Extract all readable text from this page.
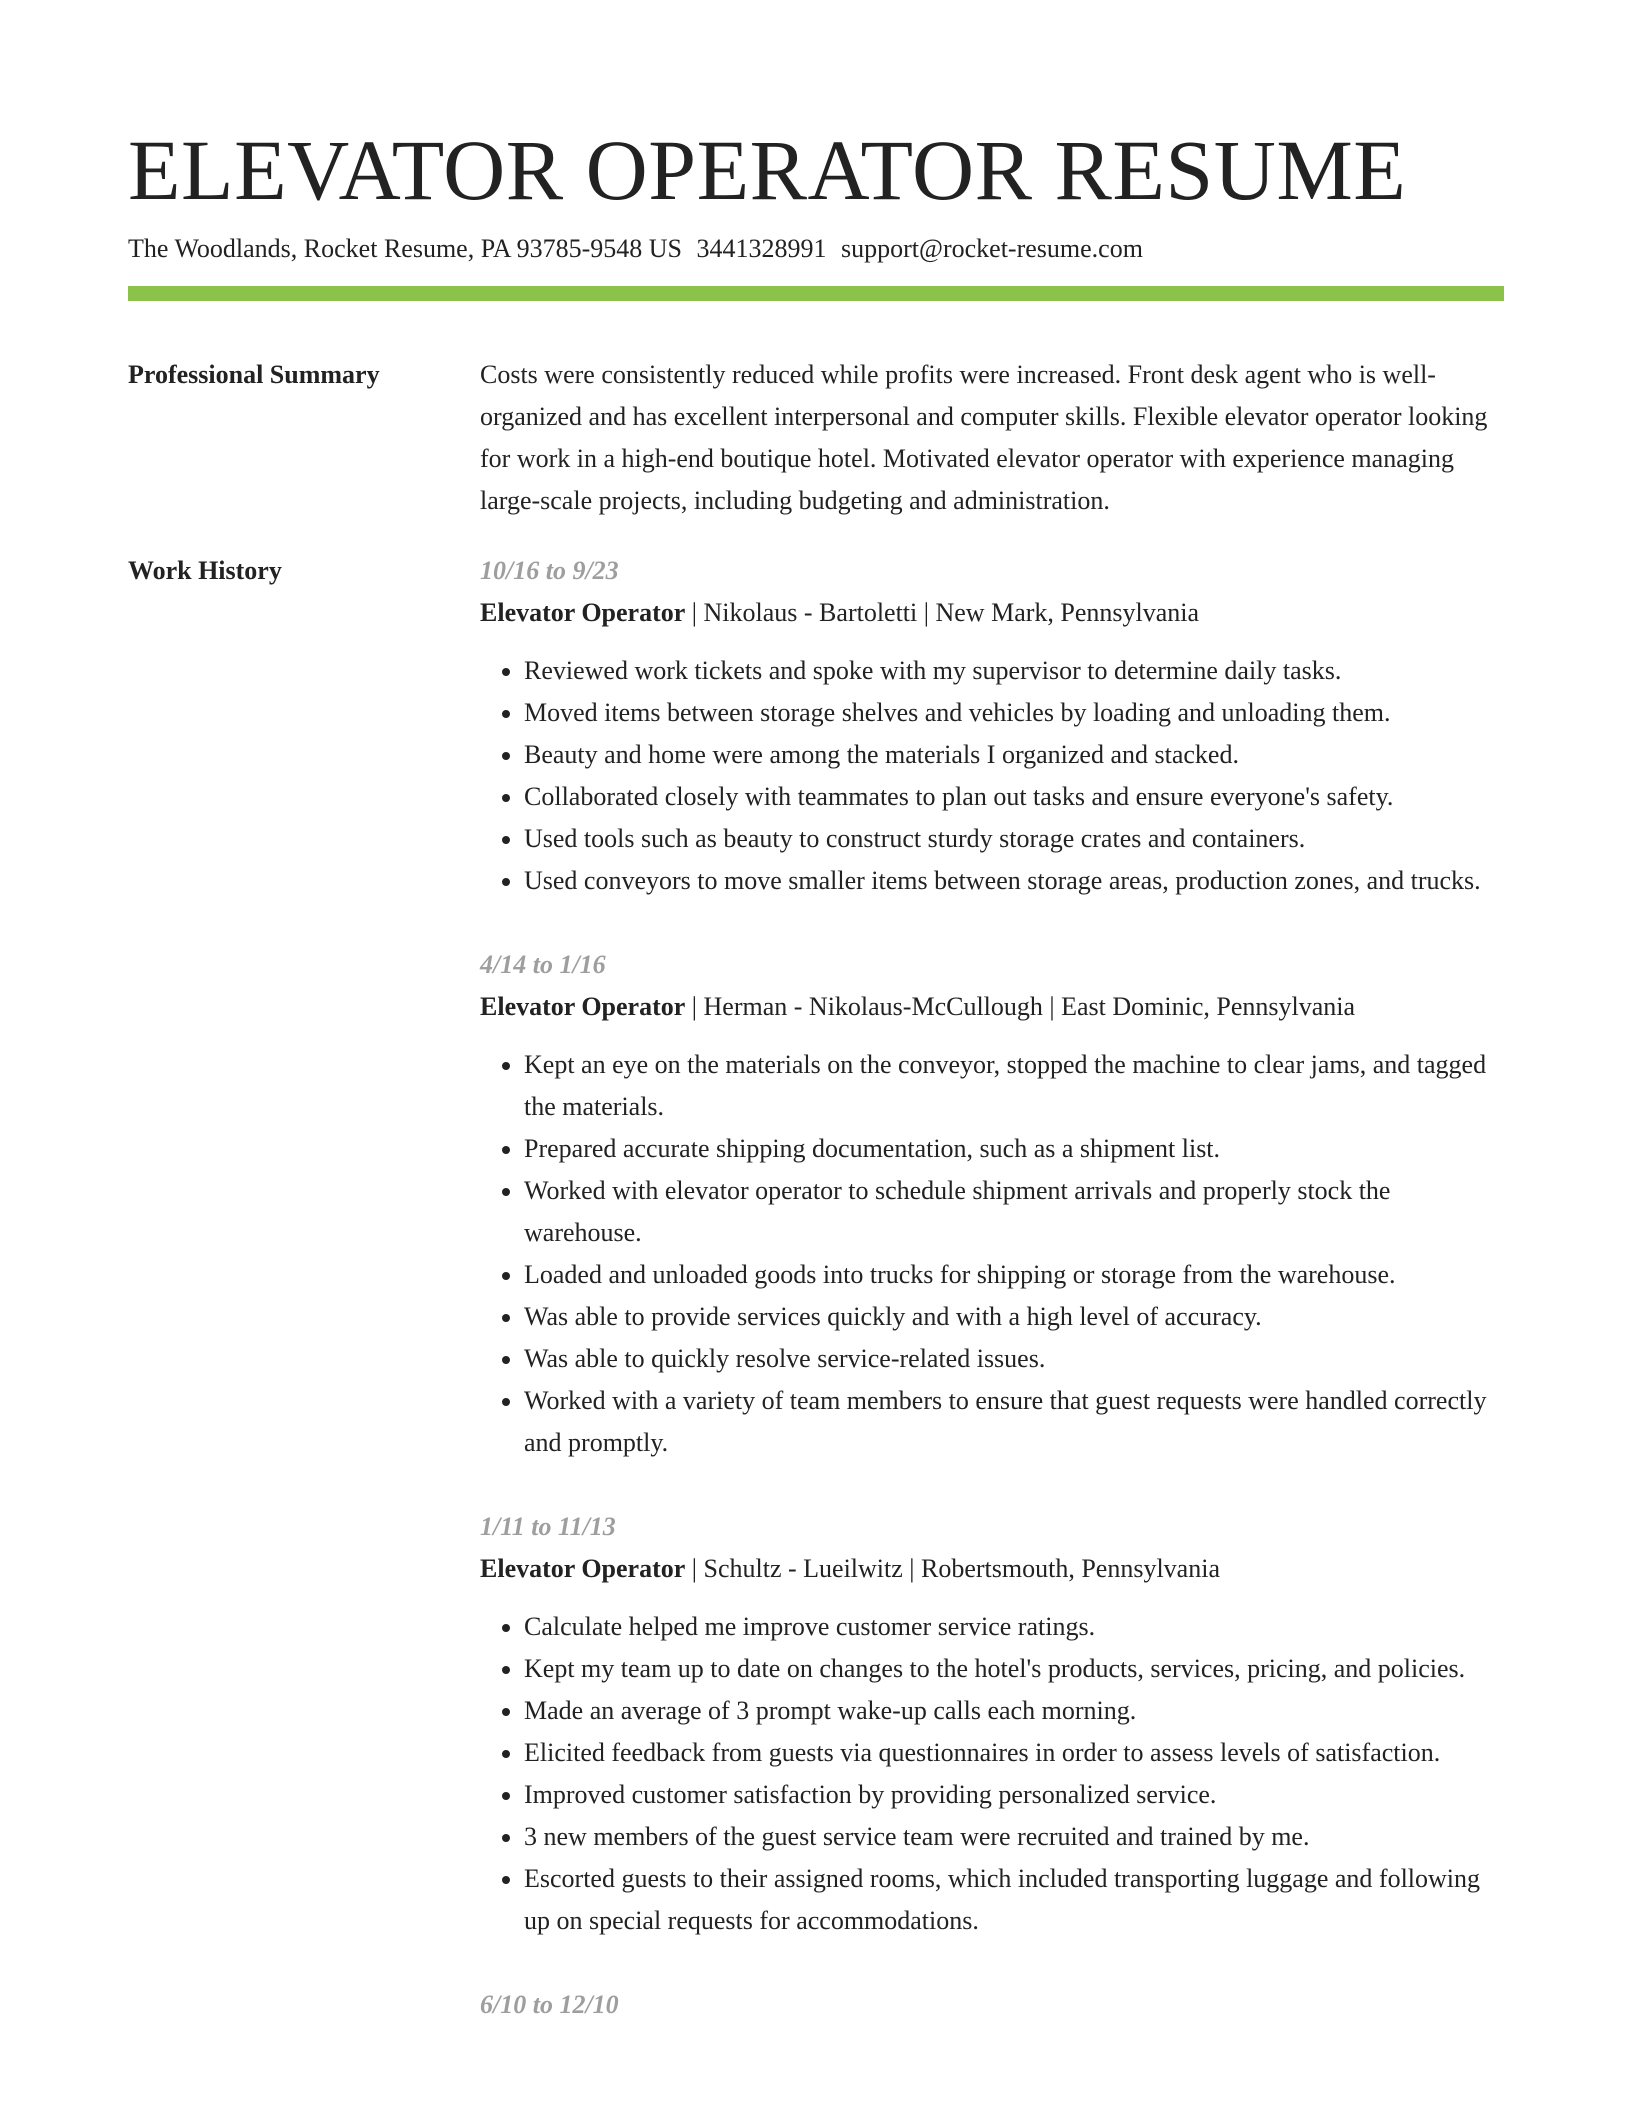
ELEVATOR OPERATOR RESUME
The Woodlands, Rocket Resume, PA 93785-9548 US 3441328991 support@rocket-resume.com
Professional Summary	Costs were consistently reduced while profits were increased. Front desk agent who is well-organized and has excellent interpersonal and computer skills. Flexible elevator operator looking for work in a high-end boutique hotel. Motivated elevator operator with experience managing large-scale projects, including budgeting and administration.

Work History	10/16 to 9/23
Elevator Operator | Nikolaus - Bartoletti | New Mark, Pennsylvania
• Reviewed work tickets and spoke with my supervisor to determine daily tasks.
• Moved items between storage shelves and vehicles by loading and unloading them.
• Beauty and home were among the materials I organized and stacked.
• Collaborated closely with teammates to plan out tasks and ensure everyone's safety.
• Used tools such as beauty to construct sturdy storage crates and containers.
• Used conveyors to move smaller items between storage areas, production zones, and trucks.
4/14 to 1/16
Elevator Operator | Herman - Nikolaus-McCullough | East Dominic, Pennsylvania
• Kept an eye on the materials on the conveyor, stopped the machine to clear jams, and tagged the materials.
• Prepared accurate shipping documentation, such as a shipment list.
• Worked with elevator operator to schedule shipment arrivals and properly stock the warehouse.
• Loaded and unloaded goods into trucks for shipping or storage from the warehouse.
• Was able to provide services quickly and with a high level of accuracy.
• Was able to quickly resolve service-related issues.
• Worked with a variety of team members to ensure that guest requests were handled correctly and promptly.
1/11 to 11/13
Elevator Operator | Schultz - Lueilwitz | Robertsmouth, Pennsylvania
• Calculate helped me improve customer service ratings.
• Kept my team up to date on changes to the hotel's products, services, pricing, and policies.
• Made an average of 3 prompt wake-up calls each morning.
• Elicited feedback from guests via questionnaires in order to assess levels of satisfaction.
• Improved customer satisfaction by providing personalized service.
• 3 new members of the guest service team were recruited and trained by me.
• Escorted guests to their assigned rooms, which included transporting luggage and following up on special requests for accommodations.
6/10 to 12/10
